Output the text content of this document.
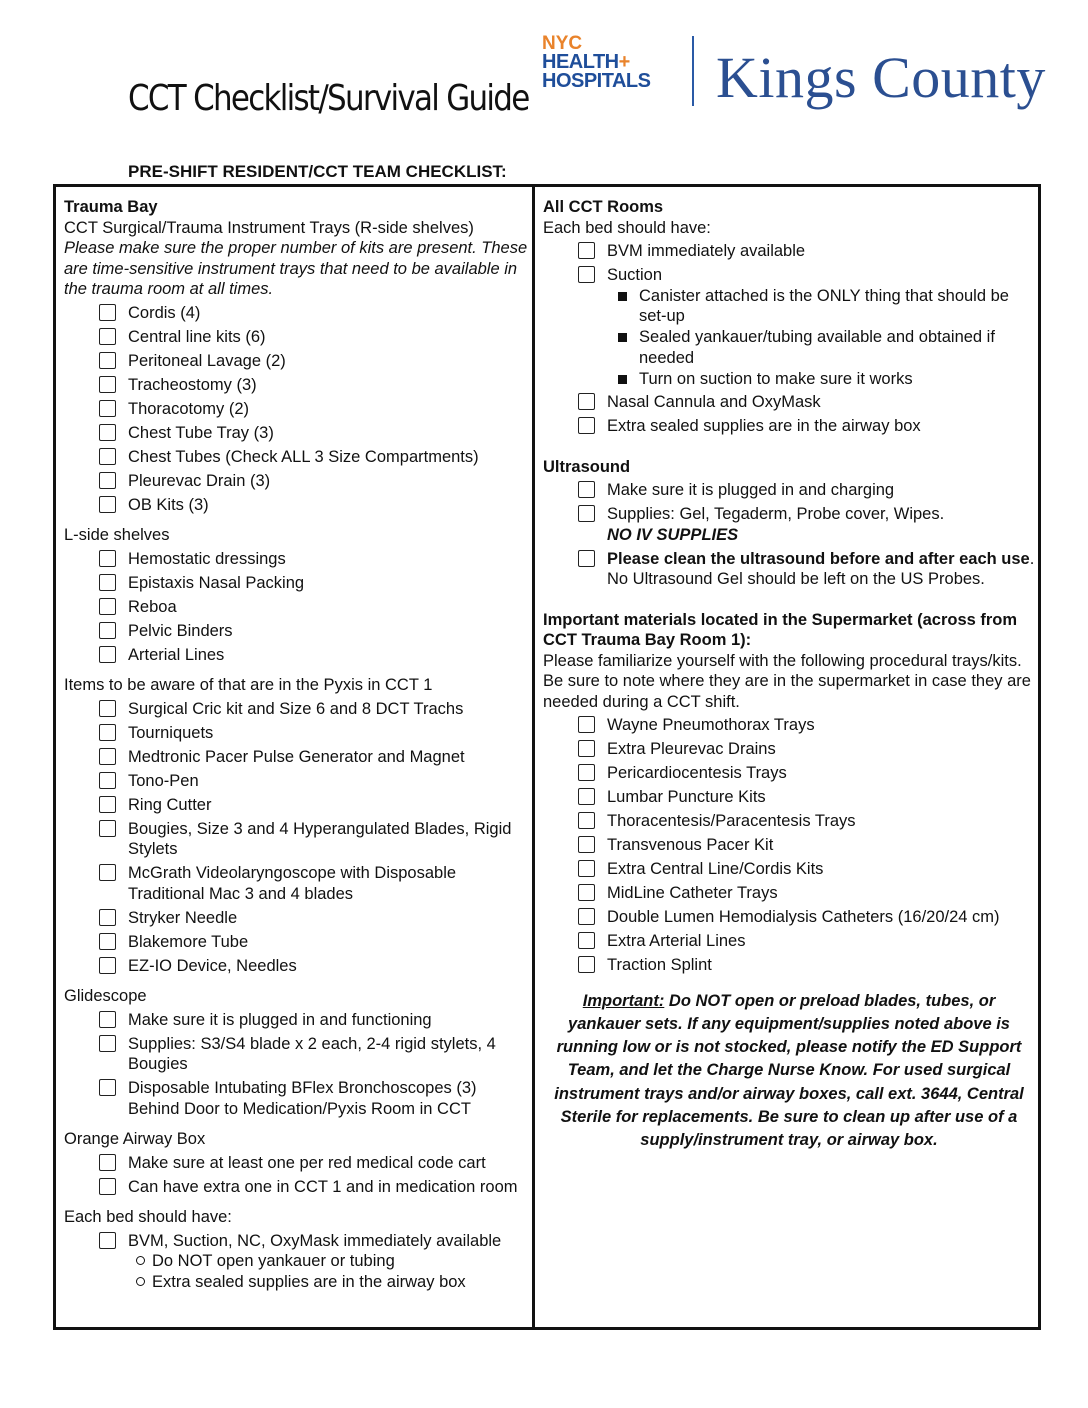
CCT Checklist/Survival Guide
NYC
HEALTH+
HOSPITALS Kings County
PRE-SHIFT RESIDENT/CCT TEAM CHECKLIST:
Trauma Bay
CCT Surgical/Trauma Instrument Trays (R-side shelves)
Please make sure the proper number of kits are present. These are time-sensitive instrument trays that need to be available in the trauma room at all times.
Cordis (4)
Central line kits (6)
Peritoneal Lavage (2)
Tracheostomy (3)
Thoracotomy (2)
Chest Tube Tray (3)
Chest Tubes (Check ALL 3 Size Compartments)
Pleurevac Drain (3)
OB Kits (3)
L-side shelves
Hemostatic dressings
Epistaxis Nasal Packing
Reboa
Pelvic Binders
Arterial Lines
Items to be aware of that are in the Pyxis in CCT 1
Surgical Cric kit and Size 6 and 8 DCT Trachs
Tourniquets
Medtronic Pacer Pulse Generator and Magnet
Tono-Pen
Ring Cutter
Bougies, Size 3 and 4 Hyperangulated Blades, Rigid Stylets
McGrath Videolaryngoscope with Disposable Traditional Mac 3 and 4 blades
Stryker Needle
Blakemore Tube
EZ-IO Device, Needles
Glidescope
Make sure it is plugged in and functioning
Supplies: S3/S4 blade x 2 each, 2-4 rigid stylets, 4 Bougies
Disposable Intubating BFlex Bronchoscopes (3) Behind Door to Medication/Pyxis Room in CCT
Orange Airway Box
Make sure at least one per red medical code cart
Can have extra one in CCT 1 and in medication room
Each bed should have:
BVM, Suction, NC, OxyMask immediately available
Do NOT open yankauer or tubing
Extra sealed supplies are in the airway box
All CCT Rooms
Each bed should have:
BVM immediately available
Suction
Canister attached is the ONLY thing that should be set-up
Sealed yankauer/tubing available and obtained if needed
Turn on suction to make sure it works
Nasal Cannula and OxyMask
Extra sealed supplies are in the airway box
Ultrasound
Make sure it is plugged in and charging
Supplies: Gel, Tegaderm, Probe cover, Wipes.
NO IV SUPPLIES
Please clean the ultrasound before and after each use. No Ultrasound Gel should be left on the US Probes.
Important materials located in the Supermarket (across from CCT Trauma Bay Room 1):
Please familiarize yourself with the following procedural trays/kits. Be sure to note where they are in the supermarket in case they are needed during a CCT shift.
Wayne Pneumothorax Trays
Extra Pleurevac Drains
Pericardiocentesis Trays
Lumbar Puncture Kits
Thoracentesis/Paracentesis Trays
Transvenous Pacer Kit
Extra Central Line/Cordis Kits
MidLine Catheter Trays
Double Lumen Hemodialysis Catheters (16/20/24 cm)
Extra Arterial Lines
Traction Splint
Important: Do NOT open or preload blades, tubes, or yankauer sets. If any equipment/supplies noted above is running low or is not stocked, please notify the ED Support Team, and let the Charge Nurse Know. For used surgical instrument trays and/or airway boxes, call ext. 3644, Central Sterile for replacements. Be sure to clean up after use of a supply/instrument tray, or airway box.
